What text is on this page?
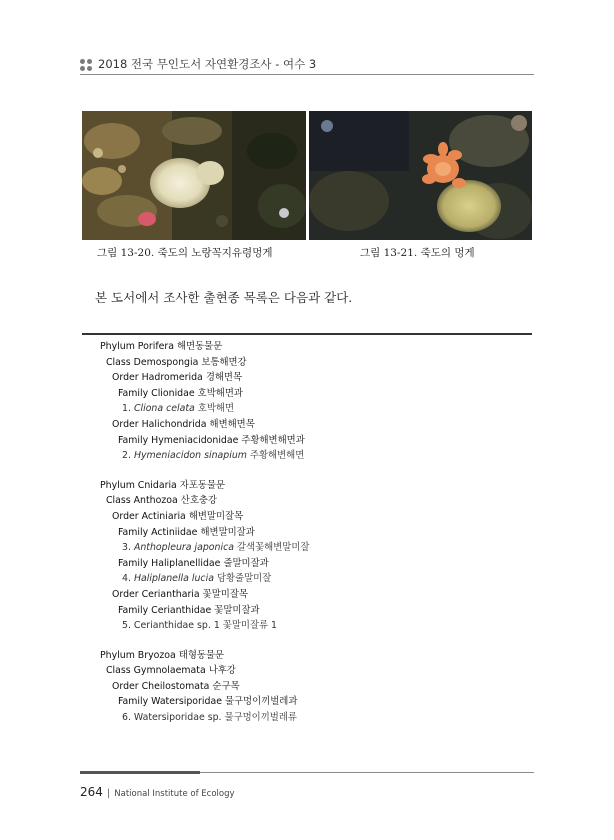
2018 전국 무인도서 자연환경조사 - 여수 3
그림 13-20. 죽도의 노랑꼭지유령멍게	그림 13-21. 죽도의 멍게
본 도서에서 조사한 출현종 목록은 다음과 같다.
Phylum Porifera 해면동물문
Class Demospongia 보통해면강
Order Hadromerida 경해면목
Family Clionidae 호박해면과
1. Cliona celata 호박해면
Order Halichondrida 해변해면목
Family Hymeniacidonidae 주황해변해면과
2. Hymeniacidon sinapium 주황해변해면
Phylum Cnidaria 자포동물문
Class Anthozoa 산호충강
Order Actiniaria 해변말미잘목
Family Actiniidae 해변말미잘과
3. Anthopleura japonica 갈색꽃해변말미잘
Family Haliplanellidae 줄말미잘과
4. Haliplanella lucia 담황줄말미잘
Order Ceriantharia 꽃말미잘목
Family Cerianthidae 꽃말미잘과
5. Cerianthidae sp. 1 꽃말미잘류 1
Phylum Bryozoa 태형동물문
Class Gymnolaemata 나후강
Order Cheilostomata 순구목
Family Watersiporidae 물구멍이끼벌레과
6. Watersiporidae sp. 물구멍이끼벌레류
264 | National Institute of Ecology
